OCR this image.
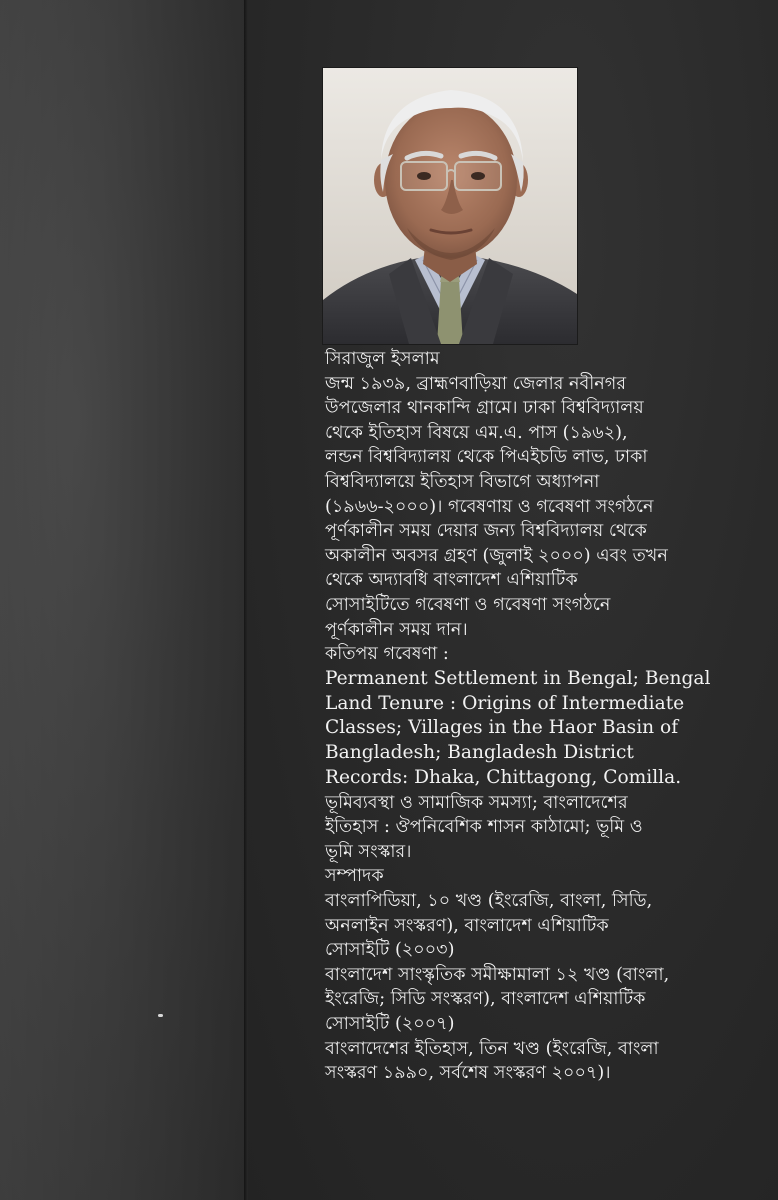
সিরাজুল ইসলাম

জন্ম ১৯৩৯, ব্রাহ্মণবাড়িয়া জেলার নবীনগর
উপজেলার থানকান্দি গ্রামে। ঢাকা বিশ্ববিদ্যালয়
থেকে ইতিহাস বিষয়ে এম.এ. পাস (১৯৬২),
লন্ডন বিশ্ববিদ্যালয় থেকে পিএইচডি লাভ, ঢাকা
বিশ্ববিদ্যালয়ে ইতিহাস বিভাগে অধ্যাপনা
(১৯৬৬-২০০০)। গবেষণায় ও গবেষণা সংগঠনে
পূর্ণকালীন সময় দেয়ার জন্য বিশ্ববিদ্যালয় থেকে
অকালীন অবসর গ্রহণ (জুলাই ২০০০) এবং তখন
থেকে অদ্যাবধি বাংলাদেশ এশিয়াটিক
সোসাইটিতে গবেষণা ও গবেষণা সংগঠনে
পূর্ণকালীন সময় দান।

কতিপয় গবেষণা :

Permanent Settlement in Bengal; Bengal
Land Tenure : Origins of Intermediate
Classes; Villages in the Haor Basin of
Bangladesh; Bangladesh District
Records: Dhaka, Chittagong, Comilla.

ভূমিব্যবস্থা ও সামাজিক সমস্যা; বাংলাদেশের
ইতিহাস : ঔপনিবেশিক শাসন কাঠামো; ভূমি ও
ভূমি সংস্কার।

সম্পাদক

বাংলাপিডিয়া, ১০ খণ্ড (ইংরেজি, বাংলা, সিডি,
অনলাইন সংস্করণ), বাংলাদেশ এশিয়াটিক
সোসাইটি (২০০৩)

বাংলাদেশ সাংস্কৃতিক সমীক্ষামালা ১২ খণ্ড (বাংলা,
ইংরেজি; সিডি সংস্করণ), বাংলাদেশ এশিয়াটিক
সোসাইটি (২০০৭)

বাংলাদেশের ইতিহাস, তিন খণ্ড (ইংরেজি, বাংলা
সংস্করণ ১৯৯০, সর্বশেষ সংস্করণ ২০০৭)।
